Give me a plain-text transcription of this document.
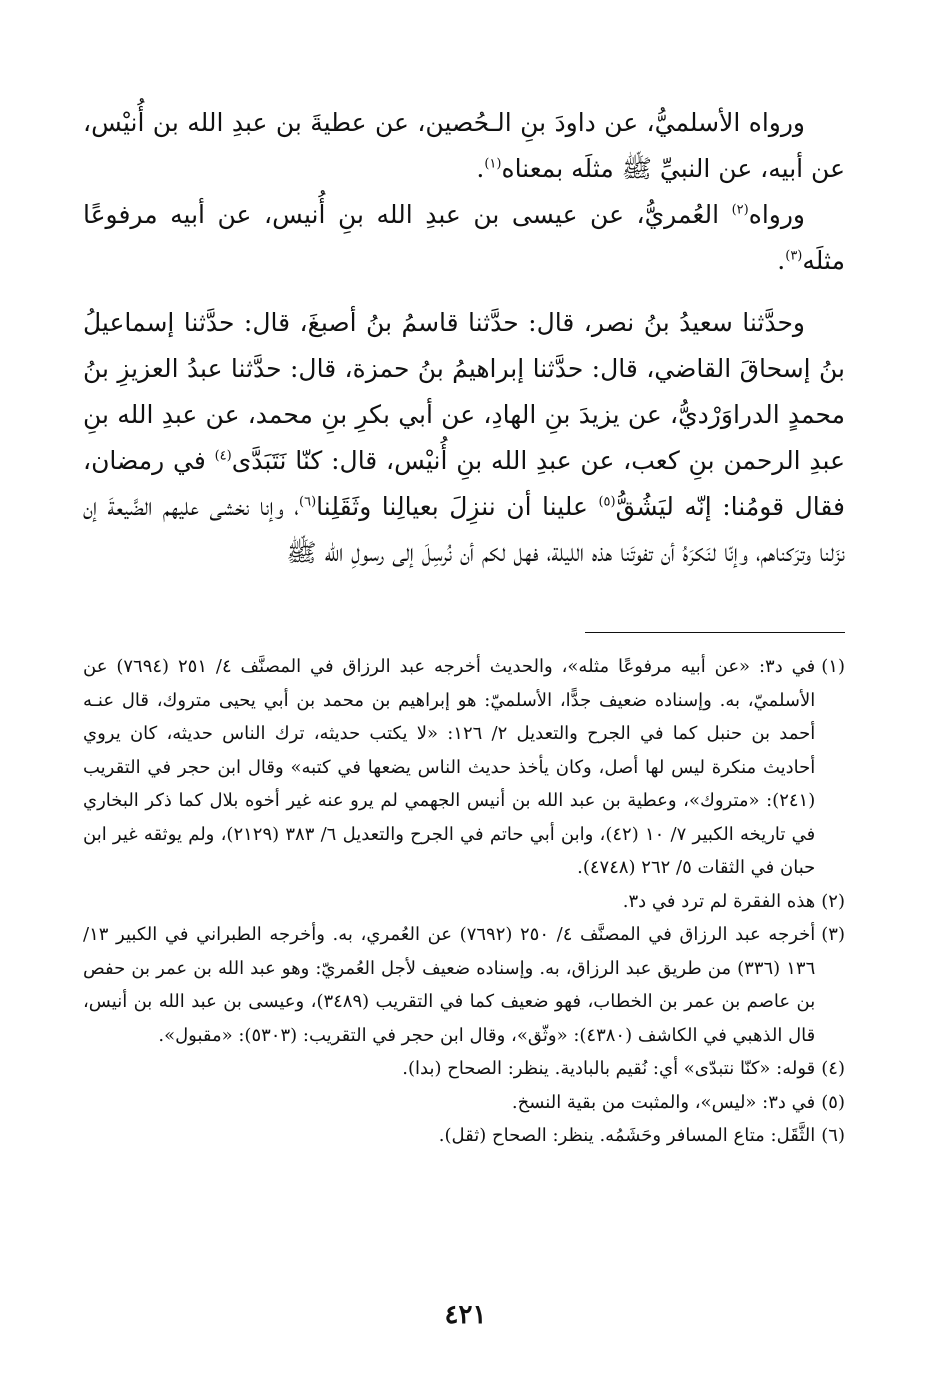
ورواه الأسلميُّ، عن داودَ بنِ الـحُصين، عن عطيةَ بن عبدِ الله بن أُنيْس، عن أبيه، عن النبيِّ ﷺ مثلَه بمعناه$^{(١)}$.

ورواه$^{(٢)}$ العُمريُّ، عن عيسى بن عبدِ الله بنِ أُنيس، عن أبيه مرفوعًا مثلَه$^{(٣)}$.

وحدَّثنا سعيدُ بنُ نصر، قال: حدَّثنا قاسمُ بنُ أصبغَ، قال: حدَّثنا إسماعيلُ بنُ إسحاقَ القاضي، قال: حدَّثنا إبراهيمُ بنُ حمزة، قال: حدَّثنا عبدُ العزيزِ بنُ محمدٍ الدراوَرْديُّ، عن يزيدَ بنِ الهادِ، عن أبي بكرِ بنِ محمد، عن عبدِ الله بنِ عبدِ الرحمن بنِ كعب، عن عبدِ الله بنِ أُنيْس، قال: كنّا نَتَبَدَّى$^{(٤)}$ في رمضان، فقال قومُنا: إنّه ليَشُقُّ$^{(٥)}$ علينا أن ننزِلَ بعيالِنا وثَقَلِنا$^{(٦)}$، وإنا نخشى عليهم الضَّيعةَ إن نزَلنا وترَكناهم، وإنّا لنَكرَهُ أن تفوتَنا هذه الليلة، فهل لكم أن نُرسِلَ إلى رسولِ الله ﷺ

(١)
في د٣: «عن أبيه مرفوعًا مثله»، والحديث أخرجه عبد الرزاق في المصنَّف ٤/ ٢٥١ (٧٦٩٤) عن الأسلميّ، به. وإسناده ضعيف جدًّا، الأسلميّ: هو إبراهيم بن محمد بن أبي يحيى متروك، قال عنـه أحمد بن حنبل كما في الجرح والتعديل ٢/ ١٢٦: «لا يكتب حديثه، ترك الناس حديثه، كان يروي أحاديث منكرة ليس لها أصل، وكان يأخذ حديث الناس يضعها في كتبه» وقال ابن حجر في التقريب (٢٤١): «متروك»، وعطية بن عبد الله بن أنيس الجهمي لم يرو عنه غير أخوه بلال كما ذكر البخاري في تاريخه الكبير ٧/ ١٠ (٤٢)، وابن أبي حاتم في الجرح والتعديل ٦/ ٣٨٣ (٢١٢٩)، ولم يوثقه غير ابن حبان في الثقات ٥/ ٢٦٢ (٤٧٤٨).
(٢)
هذه الفقرة لم ترد في د٣.
(٣)
أخرجه عبد الرزاق في المصنَّف ٤/ ٢٥٠ (٧٦٩٢) عن العُمري، به. وأخرجه الطبراني في الكبير ١٣/ ١٣٦ (٣٣٦) من طريق عبد الرزاق، به. وإسناده ضعيف لأجل العُمريّ: وهو عبد الله بن عمر بن حفص بن عاصم بن عمر بن الخطاب، فهو ضعيف كما في التقريب (٣٤٨٩)، وعيسى بن عبد الله بن أنيس، قال الذهبي في الكاشف (٤٣٨٠): «وثّق»، وقال ابن حجر في التقريب: (٥٣٠٣): «مقبول».
(٤)
قوله: «كنّا نتبدّى» أي: نُقيم بالبادية. ينظر: الصحاح (بدا).
(٥)
في د٣: «ليس»، والمثبت من بقية النسخ.
(٦)
الثَّقَل: متاع المسافر وحَشَمُه. ينظر: الصحاح (ثقل).
٤٢١
